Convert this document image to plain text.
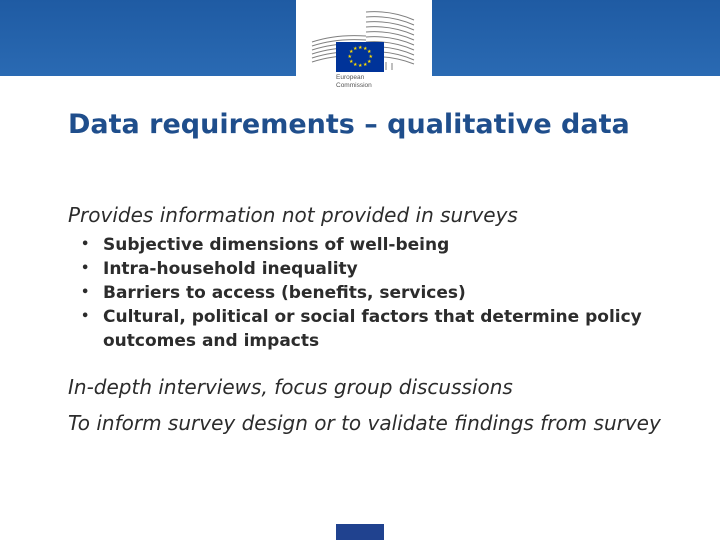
★ ★ ★
★
★
★
★
★
★
★
★ ★
European
Commission
Data requirements – qualitative data
Provides information not provided in surveys
• Subjective dimensions of well-being
• Intra-household inequality
• Barriers to access (benefits, services)
• Cultural, political or social factors that determine policy outcomes and impacts
In-depth interviews, focus group discussions
To inform survey design or to validate findings from survey
